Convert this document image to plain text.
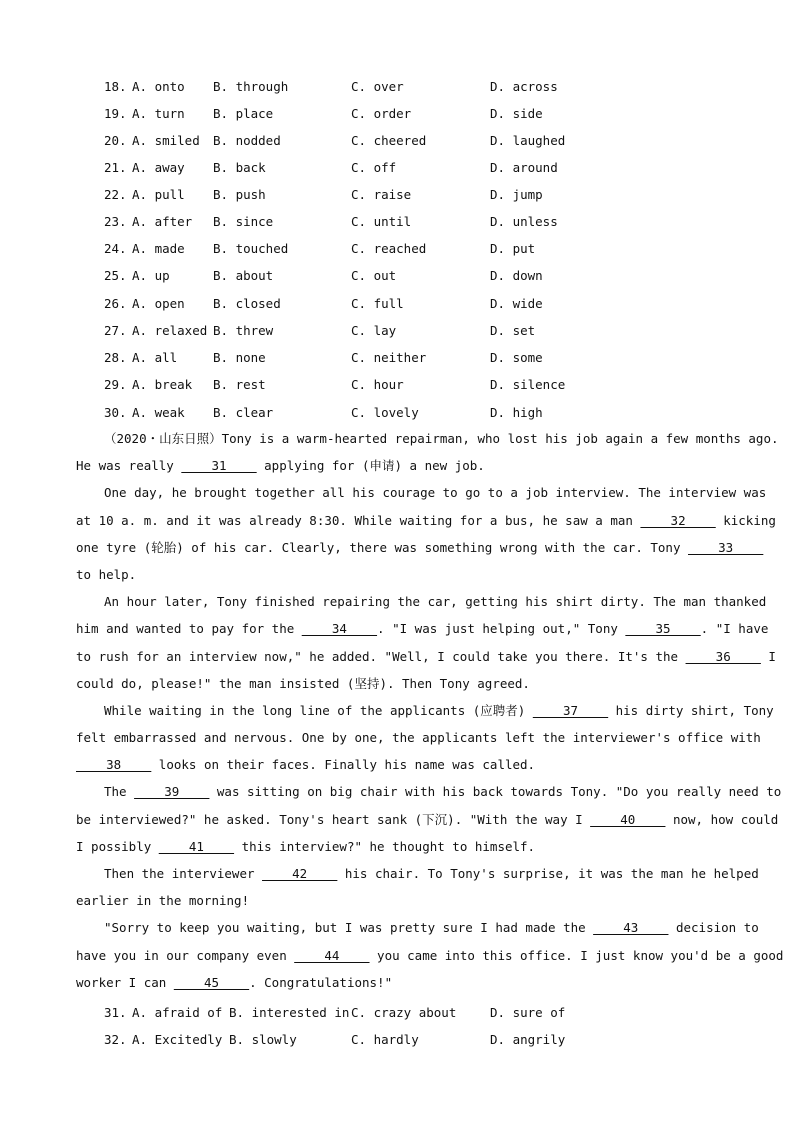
18. A. onto B. through	C. over	D. across
19. A. turn B. place	C. order	D. side
20. A. smiled B. nodded	C. cheered	D. laughed
21. A. away B. back	C. off	D. around
22. A. pull B. push	C. raise	D. jump
23. A. after B. since	C. until	D. unless
24. A. made B. touched	C. reached	D. put
25. A. up	B. about	C. out	D. down
26. A. open B. closed	C. full	D. wide
27. A. relaxed B. threw	C. lay	D. set
28. A. all	B. none	C. neither	D. some
29. A. break B. rest	C. hour	D. silence
30. A. weak B. clear	C. lovely	D. high
（2020・山东日照）Tony is a warm-hearted repairman, who lost his job again a few months ago.
He was really ____31____ applying for (申请) a new job.
One day, he brought together all his courage to go to a job interview. The interview was
at 10 a. m. and it was already 8:30. While waiting for a bus, he saw a man ____32____ kicking
one tyre (轮胎) of his car. Clearly, there was something wrong with the car. Tony ____33____
to help.
An hour later, Tony finished repairing the car, getting his shirt dirty. The man thanked
him and wanted to pay for the ____34____. "I was just helping out," Tony ____35____. "I have
to rush for an interview now," he added. "Well, I could take you there. It's the ____36____ I
could do, please!" the man insisted (坚持). Then Tony agreed.
While waiting in the long line of the applicants (应聘者) ____37____ his dirty shirt, Tony
felt embarrassed and nervous. One by one, the applicants left the interviewer's office with
____38____ looks on their faces. Finally his name was called.
The ____39____ was sitting on big chair with his back towards Tony. "Do you really need to
be interviewed?" he asked. Tony's heart sank (下沉). "With the way I ____40____ now, how could
I possibly ____41____ this interview?" he thought to himself.
Then the interviewer ____42____ his chair. To Tony's surprise, it was the man he helped
earlier in the morning!
"Sorry to keep you waiting, but I was pretty sure I had made the ____43____ decision to
have you in our company even ____44____ you came into this office. I just know you'd be a good
worker I can ____45____. Congratulations!"
31. A. afraid of B. interested in C. crazy about	D. sure of
32. A. Excitedly B. slowly	C. hardly	D. angrily
